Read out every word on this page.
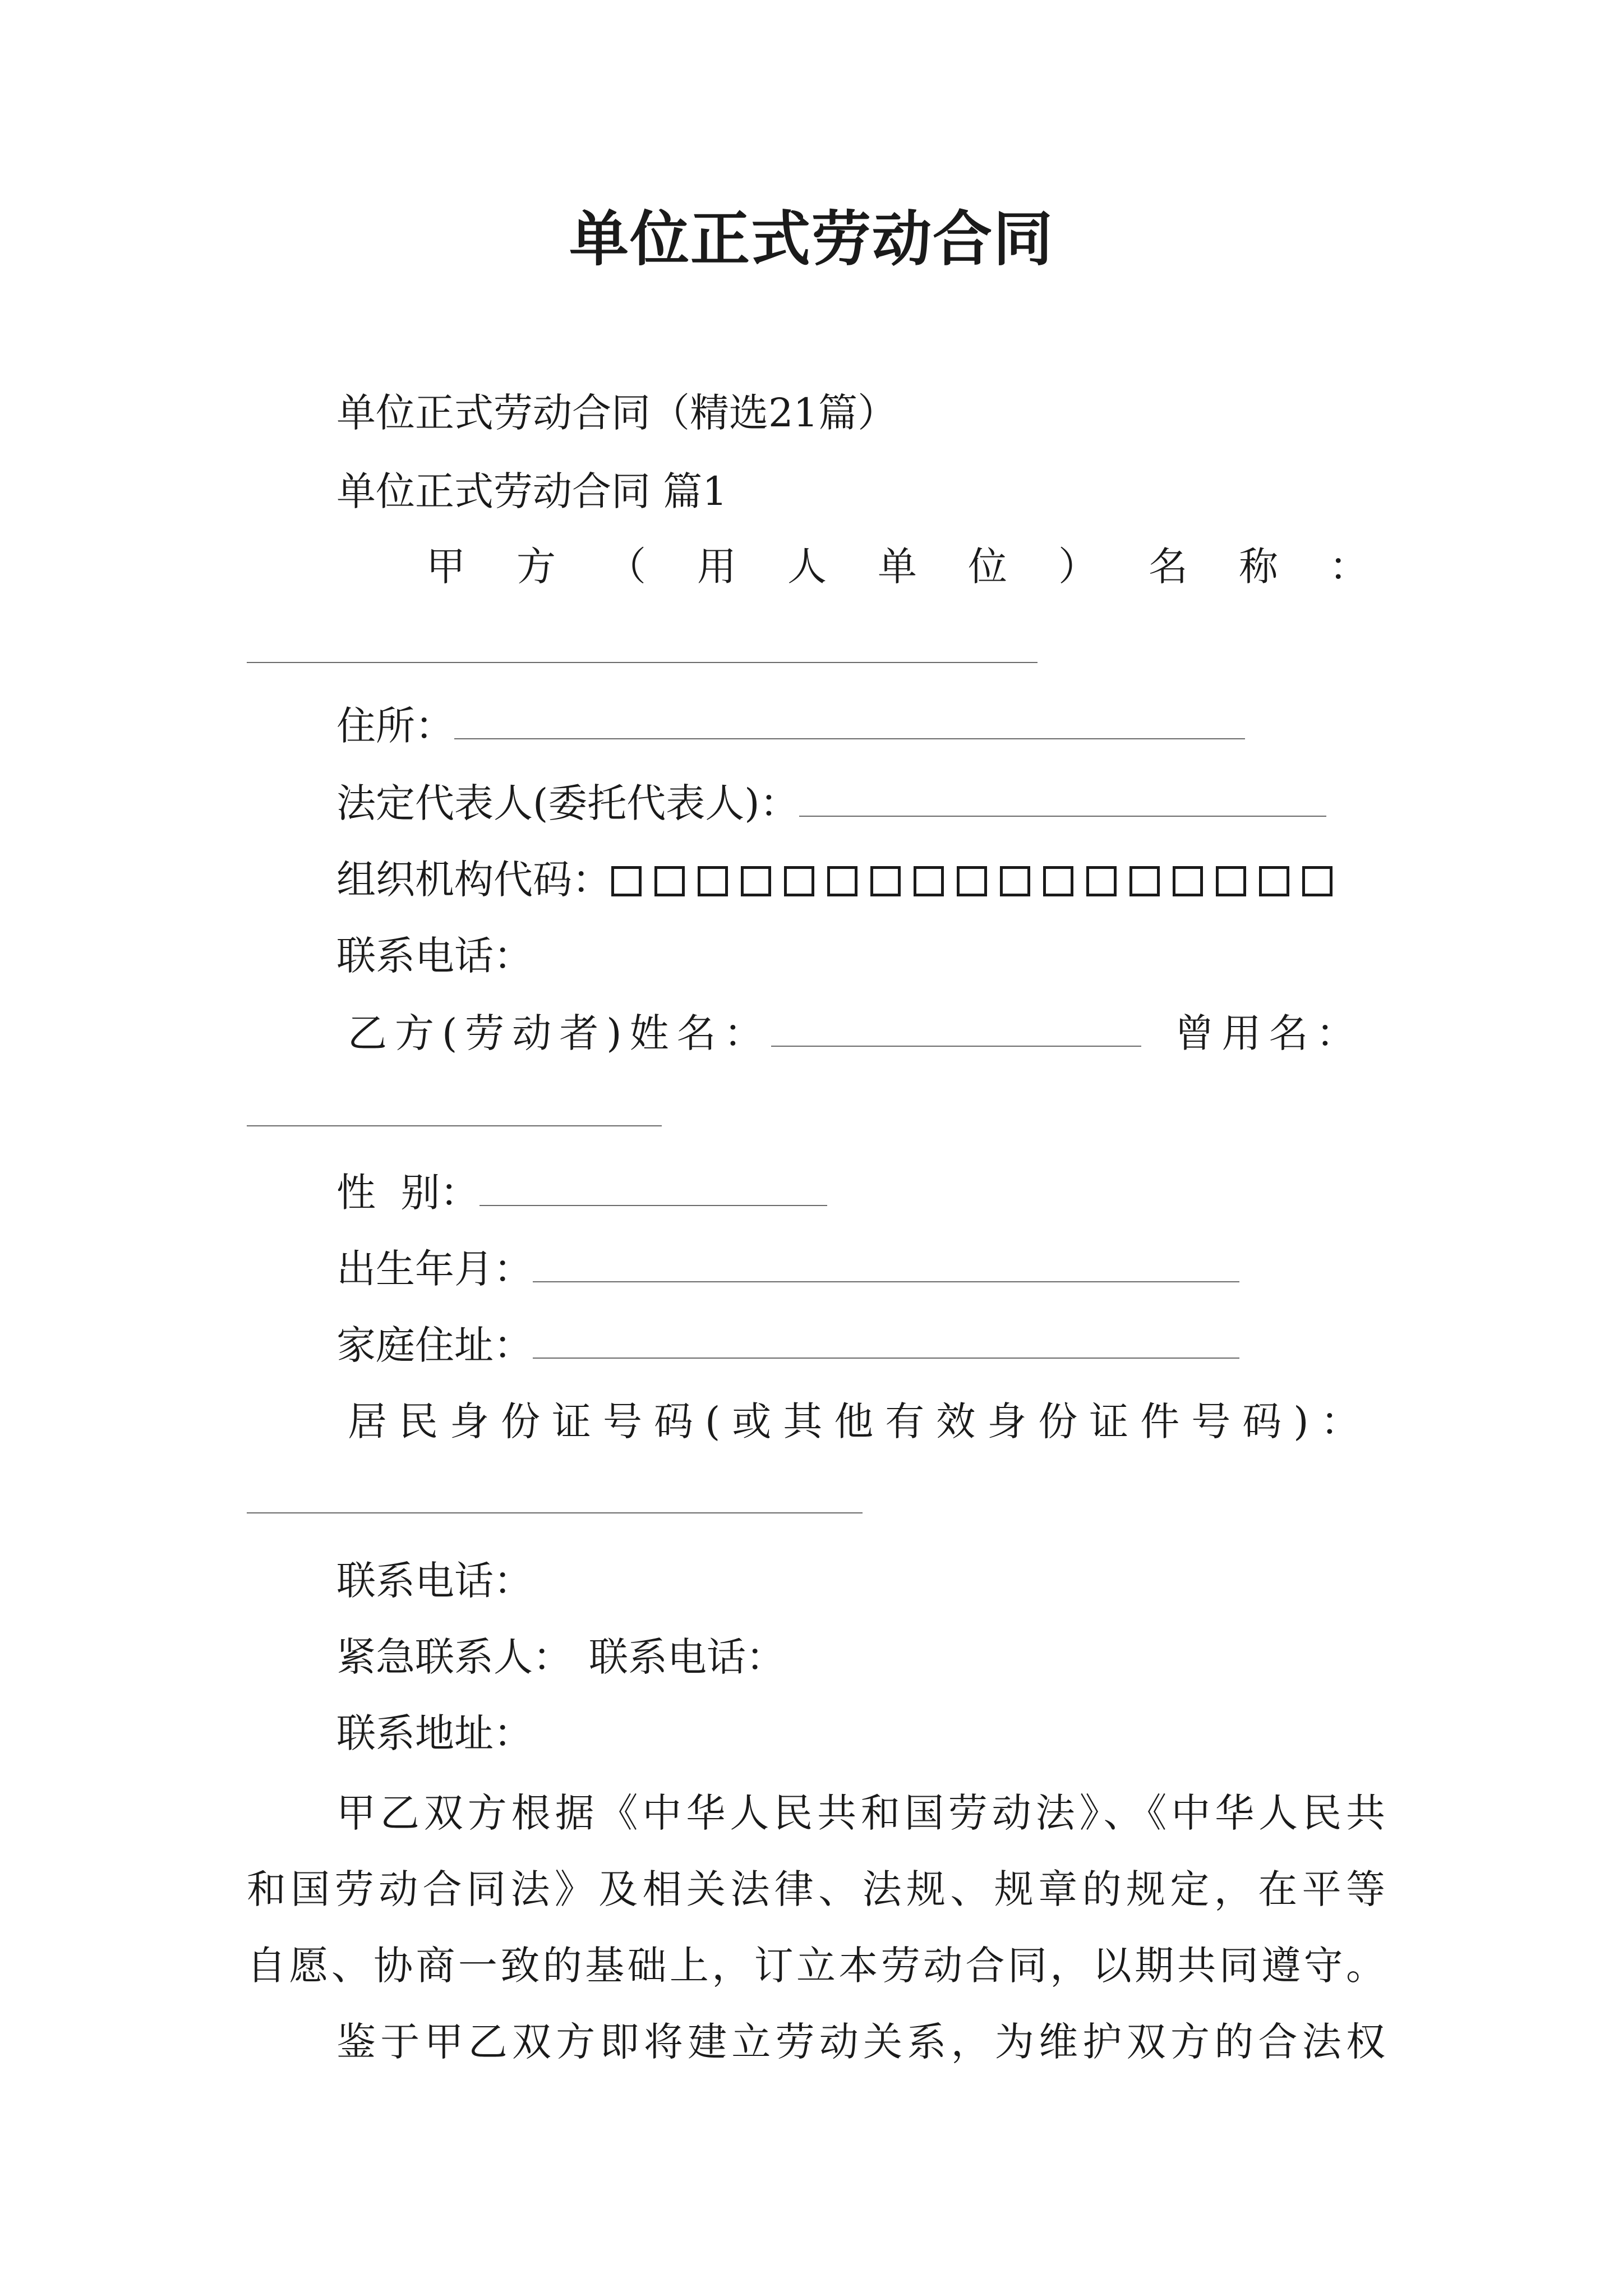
单位正式劳动合同
单位正式劳动合同（精选21篇）
单位正式劳动合同 篇1
甲 方 （ 用 人 单 位 ） 名 称 ：
住所：
法定代表人(委托代表人)：
组织机构代码：
联系电话：
乙方(劳动者)姓名：	曾用名：
性  别：
出生年月：
家庭住址：
居民身份证号码(或其他有效身份证件号码)：
联系电话：
紧急联系人： 联系电话：
联系地址：
甲乙双方根据《中华人民共和国劳动法》、《中华人民共
和国劳动合同法》及相关法律、法规、规章的规定，在平等
自愿、协商一致的基础上，订立本劳动合同，以期共同遵守。
鉴于甲乙双方即将建立劳动关系，为维护双方的合法权
